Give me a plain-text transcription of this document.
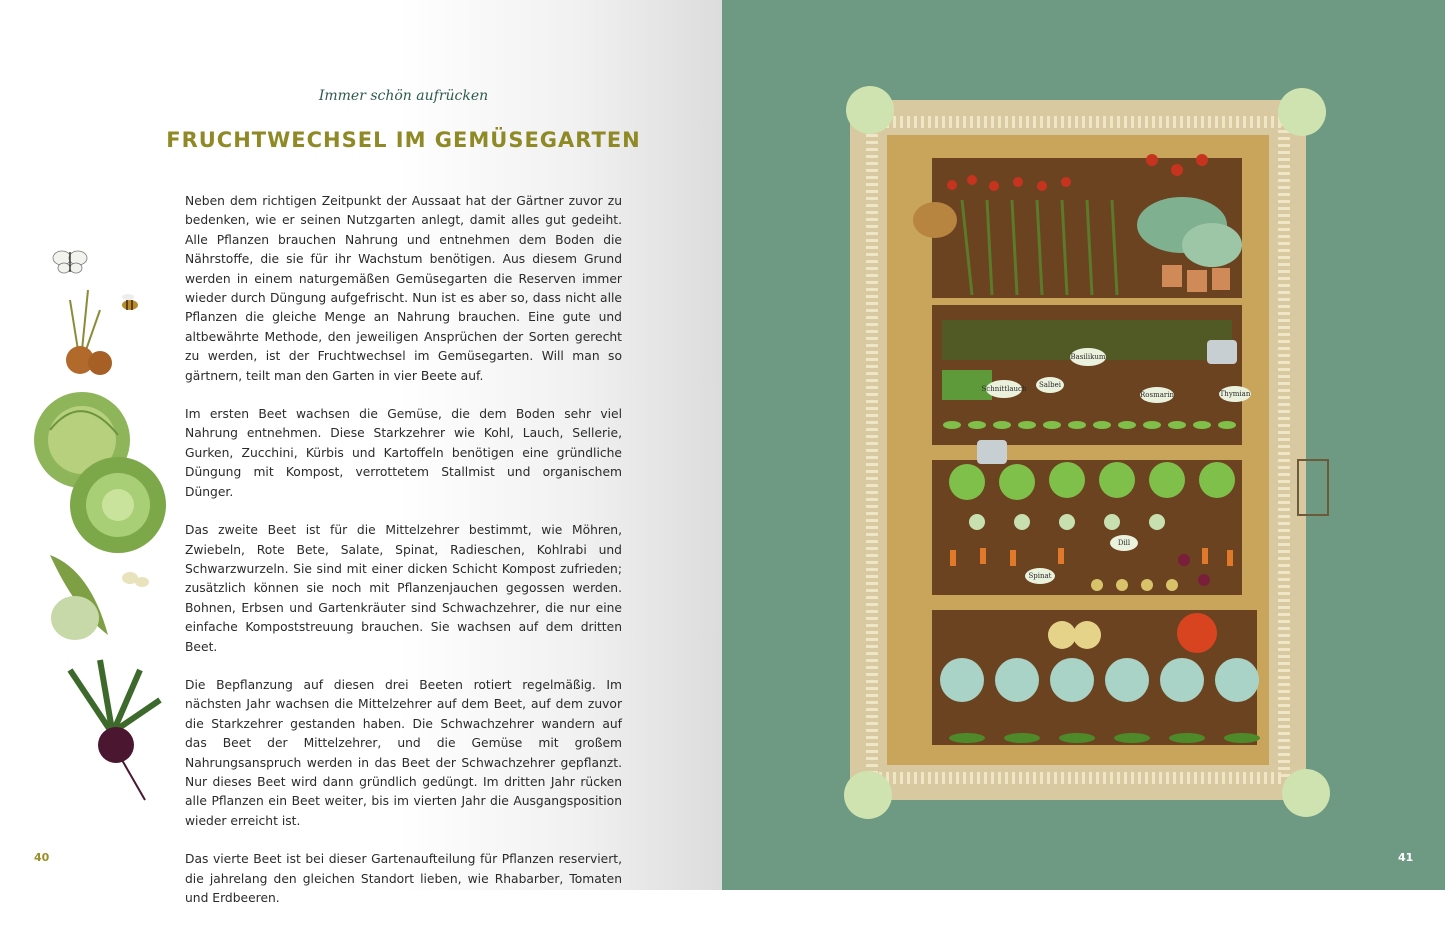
Immer schön aufrücken
FRUCHTWECHSEL IM GEMÜSEGARTEN

Neben dem richtigen Zeitpunkt der Aussaat hat der Gärtner zuvor zu bedenken, wie er seinen Nutzgarten anlegt, damit alles gut gedeiht. Alle Pflanzen brauchen Nahrung und entnehmen dem Boden die Nährstoffe, die sie für ihr Wachstum benötigen. Aus diesem Grund werden in einem naturgemäßen Gemüsegarten die Reserven immer wieder durch Düngung aufgefrischt. Nun ist es aber so, dass nicht alle Pflanzen die gleiche Menge an Nahrung brauchen. Eine gute und altbewährte Methode, den jeweiligen Ansprüchen der Sorten gerecht zu werden, ist der Fruchtwechsel im Gemüsegarten. Will man so gärtnern, teilt man den Garten in vier Beete auf.

Im ersten Beet wachsen die Gemüse, die dem Boden sehr viel Nahrung entnehmen. Diese Starkzehrer wie Kohl, Lauch, Sellerie, Gurken, Zucchini, Kürbis und Kartoffeln benötigen eine gründliche Düngung mit Kompost, verrottetem Stallmist und organischem Dünger.

Das zweite Beet ist für die Mittelzehrer bestimmt, wie Möhren, Zwiebeln, Rote Bete, Salate, Spinat, Radieschen, Kohlrabi und Schwarzwurzeln. Sie sind mit einer dicken Schicht Kompost zufrieden; zusätzlich können sie noch mit Pflanzenjauchen gegossen werden. Bohnen, Erbsen und Gartenkräuter sind Schwachzehrer, die nur eine einfache Kompoststreuung brauchen. Sie wachsen auf dem dritten Beet.

Die Bepflanzung auf diesen drei Beeten rotiert regelmäßig. Im nächsten Jahr wachsen die Mittelzehrer auf dem Beet, auf dem zuvor die Starkzehrer gestanden haben. Die Schwachzehrer wandern auf das Beet der Mittelzehrer, und die Gemüse mit großem Nahrungsanspruch werden in das Beet der Schwachzehrer gepflanzt. Nur dieses Beet wird dann gründlich gedüngt. Im dritten Jahr rücken alle Pflanzen ein Beet weiter, bis im vierten Jahr die Ausgangsposition wieder erreicht ist.

Das vierte Beet ist bei dieser Gartenaufteilung für Pflanzen reserviert, die jahrelang den gleichen Standort lieben, wie Rhabarber, Tomaten und Erdbeeren.

40
Basilikum
Schnittlauch Salbei
Rosmarin	Thymian
Dill
Spinat
41
